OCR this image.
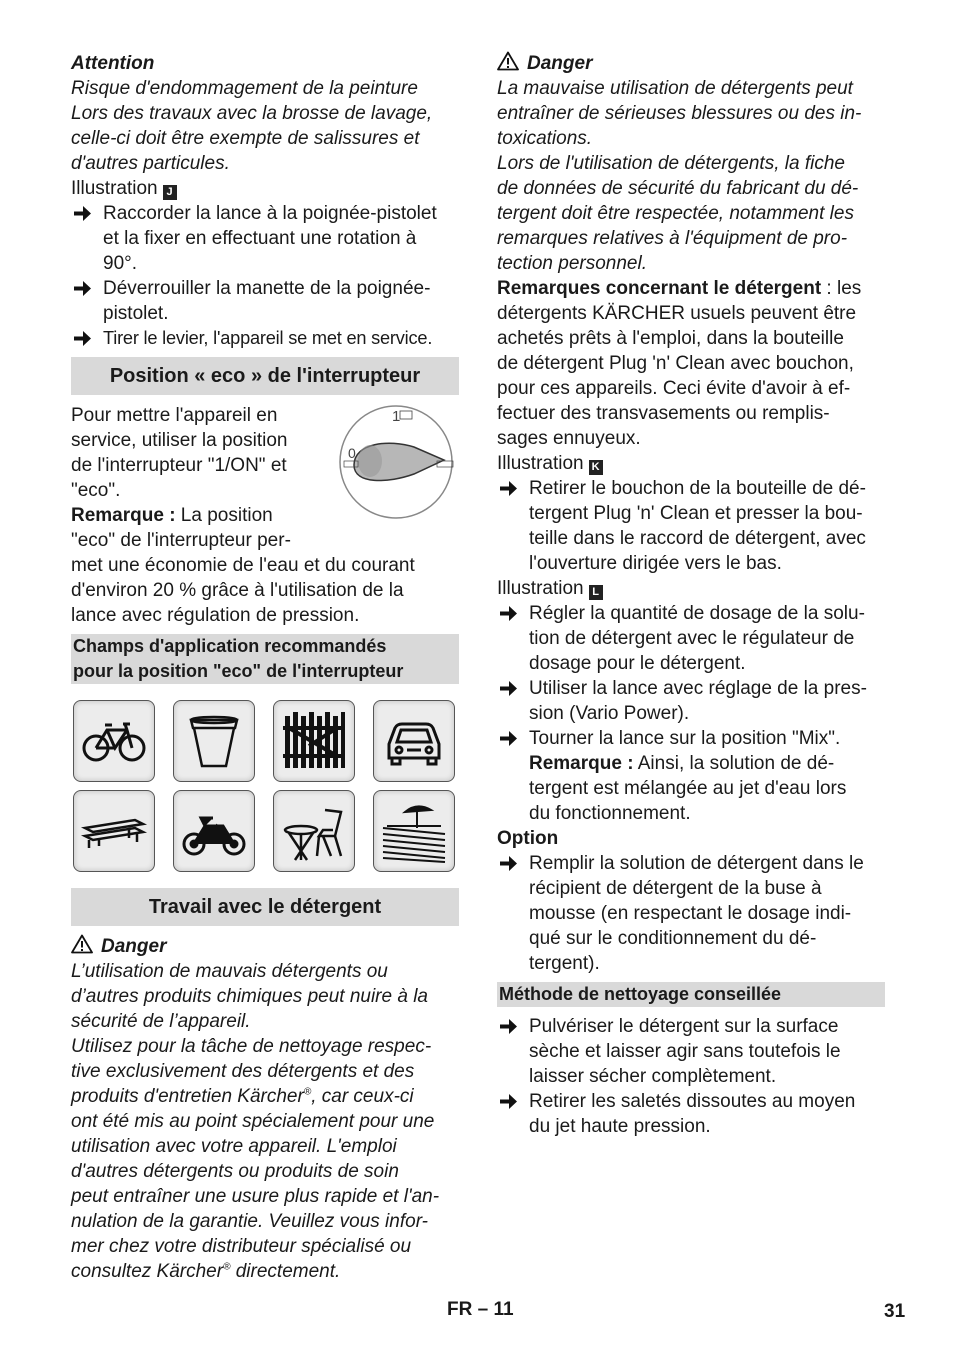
Attention

Risque d'endommagement de la peinture

Lors des travaux avec la brosse de lavage,

celle-ci doit être exempte de salissures et

d'autres particules.

Illustration J

Raccorder la lance à la poignée-pistolet

et la fixer en effectuant une rotation à

90°.

Déverrouiller la manette de la poignée-

pistolet.

Tirer le levier, l'appareil se met en service.

Position « eco » de l'interrupteur
1
0

Pour mettre l'appareil en

service, utiliser la position

de l'interrupteur "1/ON" et

"eco".

Remarque : La position

"eco" de l'interrupteur per-

met une économie de l'eau et du courant

d'environ 20 % grâce à l'utilisation de la

lance avec régulation de pression.

Champs d'application recommandés
pour la position "eco" de l'interrupteur
Travail avec le détergent

Danger

L’utilisation de mauvais détergents ou

d’autres produits chimiques peut nuire à la

sécurité de l’appareil.

Utilisez pour la tâche de nettoyage respec-

tive exclusivement des détergents et des

produits d'entretien Kärcher®, car ceux-ci

ont été mis au point spécialement pour une

utilisation avec votre appareil. L'emploi

d'autres détergents ou produits de soin

peut entraîner une usure plus rapide et l'an-

nulation de la garantie. Veuillez vous infor-

mer chez votre distributeur spécialisé ou

consultez Kärcher® directement.

Danger

La mauvaise utilisation de détergents peut

entraîner de sérieuses blessures ou des in-

toxications.

Lors de l'utilisation de détergents, la fiche

de données de sécurité du fabricant du dé-

tergent doit être respectée, notamment les

remarques relatives à l'équipment de pro-

tection personnel.

Remarques concernant le détergent : les

détergents KÄRCHER usuels peuvent être

achetés prêts à l'emploi, dans la bouteille

de détergent Plug 'n' Clean avec bouchon,

pour ces appareils. Ceci évite d'avoir à ef-

fectuer des transvasements ou remplis-

sages ennuyeux.

Illustration K

Retirer le bouchon de la bouteille de dé-

tergent Plug 'n' Clean et presser la bou-

teille dans le raccord de détergent, avec

l'ouverture dirigée vers le bas.

Illustration L

Régler la quantité de dosage de la solu-

tion de détergent avec le régulateur de

dosage pour le détergent.

Utiliser la lance avec réglage de la pres-

sion (Vario Power).

Tourner la lance sur la position "Mix".

Remarque : Ainsi, la solution de dé-

tergent est mélangée au jet d'eau lors

du fonctionnement.

Option

Remplir la solution de détergent dans le

récipient de détergent de la buse à

mousse (en respectant le dosage indi-

qué sur le conditionnement du dé-

tergent).

Méthode de nettoyage conseillée

Pulvériser le détergent sur la surface

sèche et laisser agir sans toutefois le

laisser sécher complètement.

Retirer les saletés dissoutes au moyen

du jet haute pression.

FR – 11	31
